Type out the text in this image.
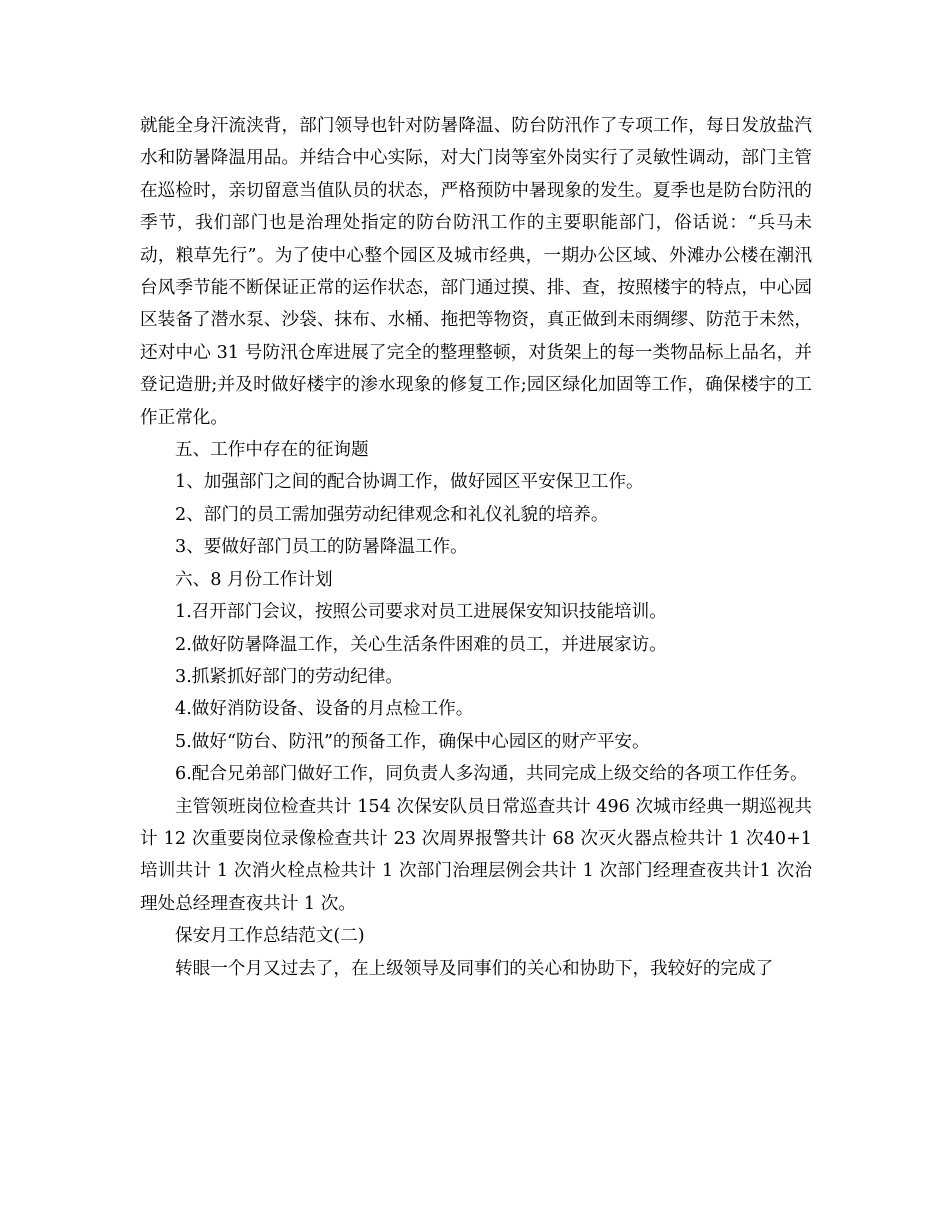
就能全身汗流浃背，部门领导也针对防暑降温、防台防汛作了专项工作，每日发放盐汽水和防暑降温用品。并结合中心实际，对大门岗等室外岗实行了灵敏性调动，部门主管在巡检时，亲切留意当值队员的状态，严格预防中暑现象的发生。夏季也是防台防汛的季节，我们部门也是治理处指定的防台防汛工作的主要职能部门，俗话说：“兵马未动，粮草先行”。为了使中心整个园区及城市经典，一期办公区域、外滩办公楼在潮汛台风季节能不断保证正常的运作状态，部门通过摸、排、查，按照楼宇的特点，中心园区装备了潜水泵、沙袋、抹布、水桶、拖把等物资，真正做到未雨绸缪、防范于未然，还对中心 31 号防汛仓库进展了完全的整理整顿，对货架上的每一类物品标上品名，并登记造册;并及时做好楼宇的渗水现象的修复工作;园区绿化加固等工作，确保楼宇的工作正常化。

五、工作中存在的征询题

1、加强部门之间的配合协调工作，做好园区平安保卫工作。

2、部门的员工需加强劳动纪律观念和礼仪礼貌的培养。

3、要做好部门员工的防暑降温工作。

六、8 月份工作计划

1.召开部门会议，按照公司要求对员工进展保安知识技能培训。

2.做好防暑降温工作，关心生活条件困难的员工，并进展家访。

3.抓紧抓好部门的劳动纪律。

4.做好消防设备、设备的月点检工作。

5.做好“防台、防汛”的预备工作，确保中心园区的财产平安。

6.配合兄弟部门做好工作，同负责人多沟通，共同完成上级交给的各项工作任务。

主管领班岗位检查共计 154 次保安队员日常巡查共计 496 次城市经典一期巡视共计 12 次重要岗位录像检查共计 23 次周界报警共计 68 次灭火器点检共计 1 次40+1 培训共计 1 次消火栓点检共计 1 次部门治理层例会共计 1 次部门经理查夜共计1 次治理处总经理查夜共计 1 次。

保安月工作总结范文(二)

转眼一个月又过去了，在上级领导及同事们的关心和协助下，我较好的完成了
